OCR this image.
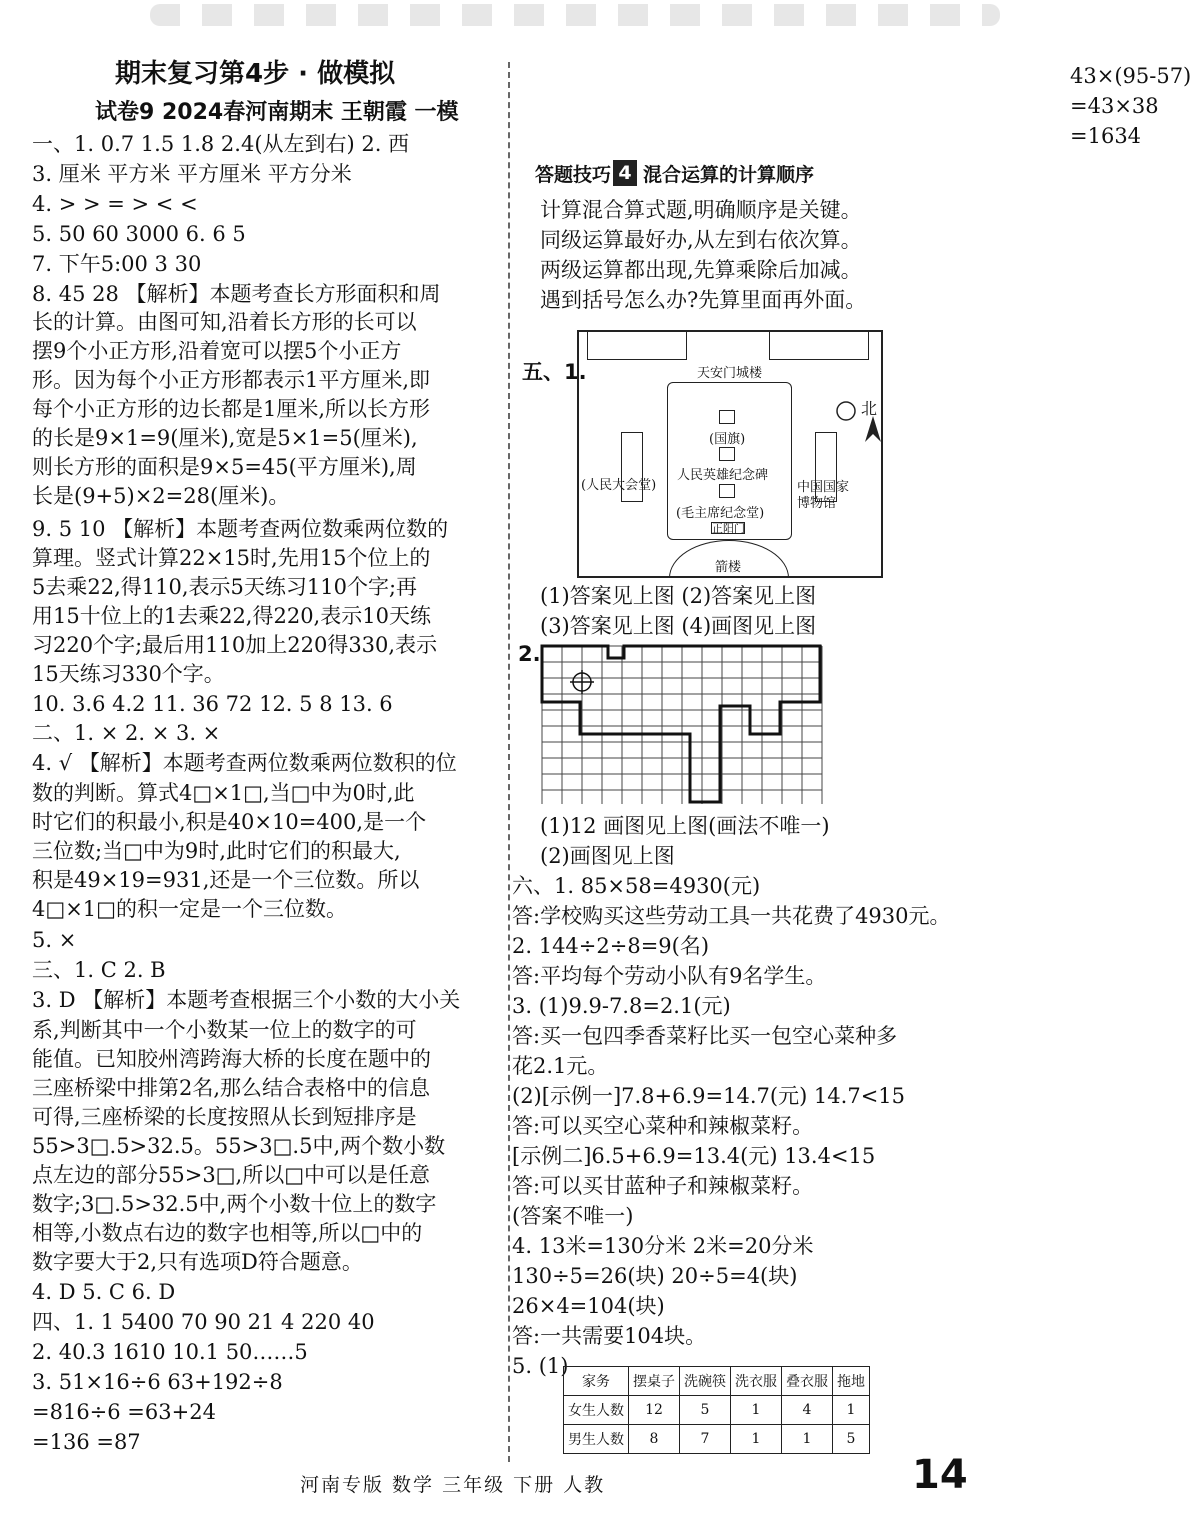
期末复习第4步 · 做模拟
试卷9 2024春河南期末 王朝霞 一模
一、1. 0.7 1.5 1.8 2.4(从左到右) 2. 西
3. 厘米 平方米 平方厘米 平方分米
4. > > = > < <
5. 50 60 3000 6. 6 5
7. 下午5:00 3 30
8. 45 28 【解析】本题考查长方形面积和周
长的计算。由图可知,沿着长方形的长可以
摆9个小正方形,沿着宽可以摆5个小正方
形。因为每个小正方形都表示1平方厘米,即
每个小正方形的边长都是1厘米,所以长方形
的长是9×1=9(厘米),宽是5×1=5(厘米),
则长方形的面积是9×5=45(平方厘米),周
长是(9+5)×2=28(厘米)。
9. 5 10 【解析】本题考查两位数乘两位数的
算理。竖式计算22×15时,先用15个位上的
5去乘22,得110,表示5天练习110个字;再
用15十位上的1去乘22,得220,表示10天练
习220个字;最后用110加上220得330,表示
15天练习330个字。
10. 3.6 4.2 11. 36 72 12. 5 8 13. 6
二、1. × 2. × 3. ×
4. √ 【解析】本题考查两位数乘两位数积的位
数的判断。算式4□×1□,当□中为0时,此
时它们的积最小,积是40×10=400,是一个
三位数;当□中为9时,此时它们的积最大,
积是49×19=931,还是一个三位数。所以
4□×1□的积一定是一个三位数。
5. ×
三、1. C 2. B
3. D 【解析】本题考查根据三个小数的大小关
系,判断其中一个小数某一位上的数字的可
能值。已知胶州湾跨海大桥的长度在题中的
三座桥梁中排第2名,那么结合表格中的信息
可得,三座桥梁的长度按照从长到短排序是
55>3□.5>32.5。55>3□.5中,两个数小数
点左边的部分55>3□,所以□中可以是任意
数字;3□.5>32.5中,两个小数十位上的数字
相等,小数点右边的数字也相等,所以□中的
数字要大于2,只有选项D符合题意。
4. D 5. C 6. D
四、1. 1 5400 70 90 21 4 220 40
2. 40.3 1610 10.1 50……5
3. 51×16÷6 63+192÷8
=816÷6 =63+24
=136 =87
43×(95-57)
=43×38
=1634
答题技巧 4 混合运算的计算顺序
计算混合算式题,明确顺序是关键。
同级运算最好办,从左到右依次算。
两级运算都出现,先算乘除后加减。
遇到括号怎么办?先算里面再外面。
五、1.	天安门城楼
(国旗)
人民英雄纪念碑
(毛主席纪念堂)
正阳门
(人民大会堂)	中国国家
博物馆
箭楼
北
(1)答案见上图 (2)答案见上图
(3)答案见上图 (4)画图见上图
2.
(1)12 画图见上图(画法不唯一)
(2)画图见上图
六、1. 85×58=4930(元)
答:学校购买这些劳动工具一共花费了4930元。
2. 144÷2÷8=9(名)
答:平均每个劳动小队有9名学生。
3. (1)9.9-7.8=2.1(元)
答:买一包四季香菜籽比买一包空心菜种多
花2.1元。
(2)[示例一]7.8+6.9=14.7(元) 14.7<15
答:可以买空心菜种和辣椒菜籽。
[示例二]6.5+6.9=13.4(元) 13.4<15
答:可以买甘蓝种子和辣椒菜籽。
(答案不唯一)
4. 13米=130分米 2米=20分米
130÷5=26(块) 20÷5=4(块)
26×4=104(块)
答:一共需要104块。
5. (1)
家务	摆桌子	洗碗筷	洗衣服	叠衣服	拖地
女生人数	12	5	1	4	1
男生人数	8	7	1	1	5
河南专版 数学 三年级 下册 人教	14
